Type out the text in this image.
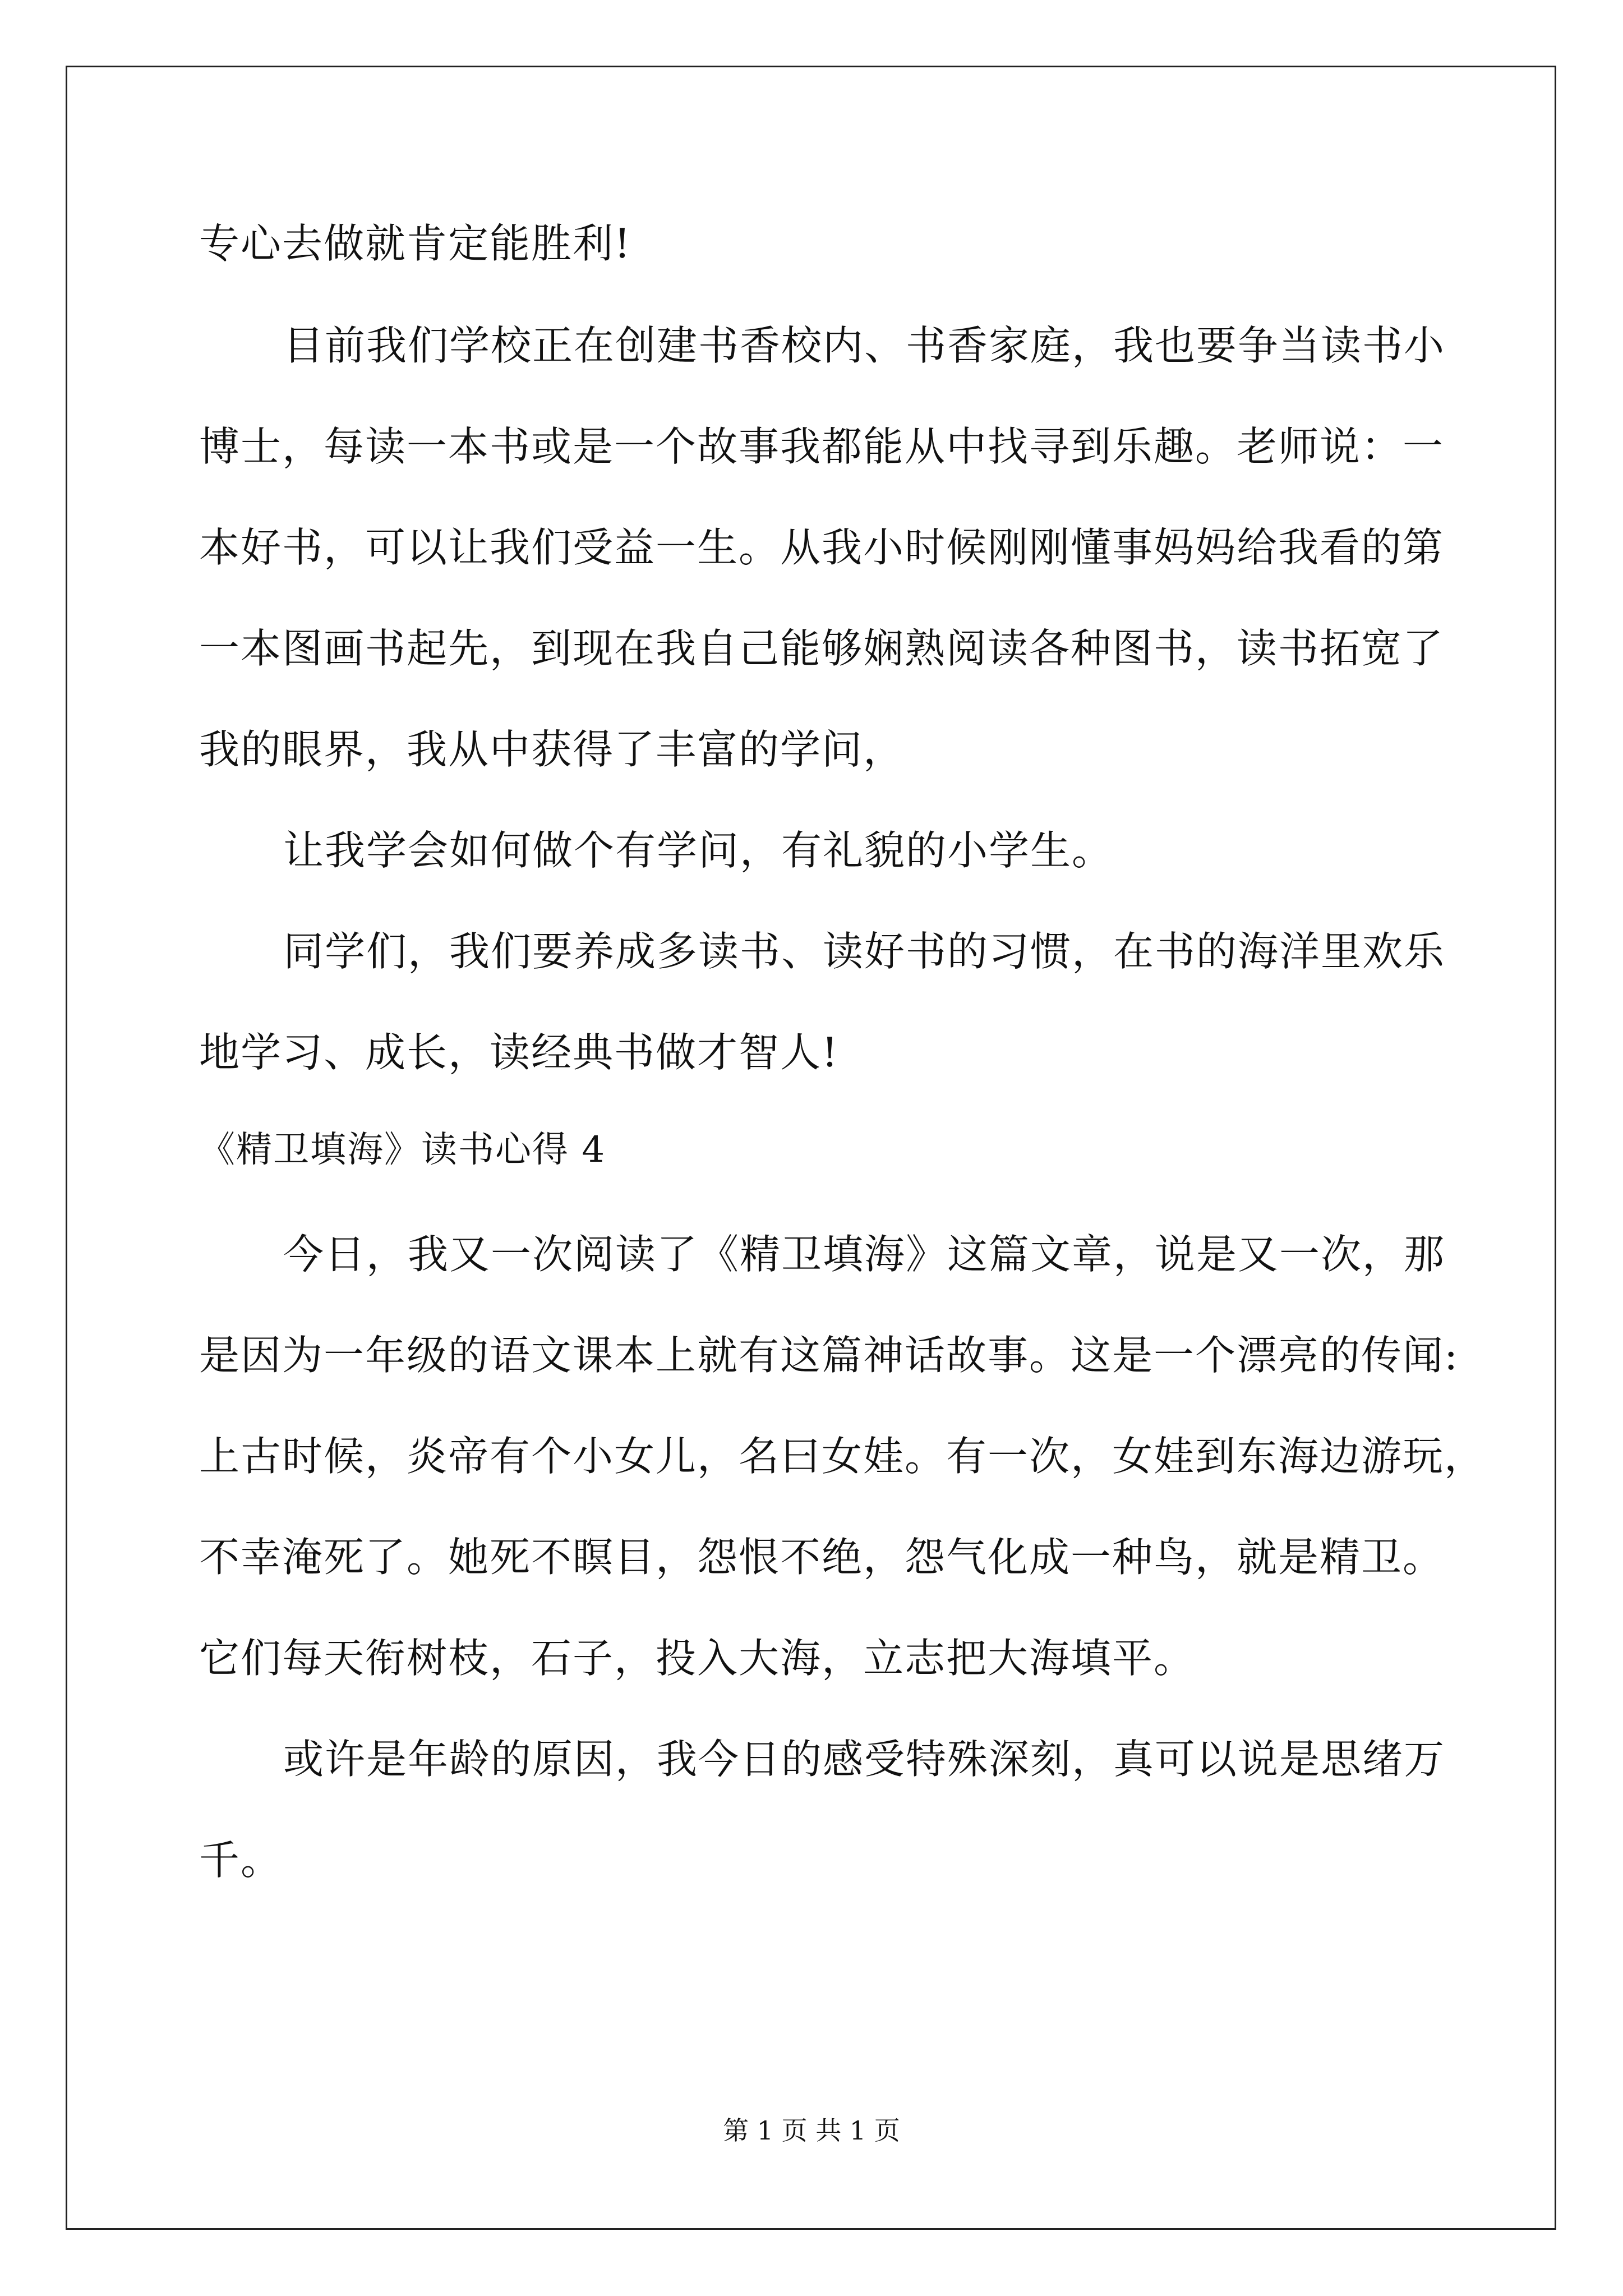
专心去做就肯定能胜利!
目前我们学校正在创建书香校内、书香家庭，我也要争当读书小
博士，每读一本书或是一个故事我都能从中找寻到乐趣。老师说：一
本好书，可以让我们受益一生。从我小时候刚刚懂事妈妈给我看的第
一本图画书起先，到现在我自己能够娴熟阅读各种图书，读书拓宽了
我的眼界，我从中获得了丰富的学问，
让我学会如何做个有学问，有礼貌的小学生。
同学们，我们要养成多读书、读好书的习惯，在书的海洋里欢乐
地学习、成长，读经典书做才智人!
《精卫填海》读书心得 4
今日，我又一次阅读了《精卫填海》这篇文章，说是又一次，那
是因为一年级的语文课本上就有这篇神话故事。这是一个漂亮的传闻:
上古时候，炎帝有个小女儿，名曰女娃。有一次，女娃到东海边游玩，
不幸淹死了。她死不瞑目，怨恨不绝，怨气化成一种鸟，就是精卫。
它们每天衔树枝，石子，投入大海，立志把大海填平。
或许是年龄的原因，我今日的感受特殊深刻，真可以说是思绪万
千。
第 1 页 共 1 页
